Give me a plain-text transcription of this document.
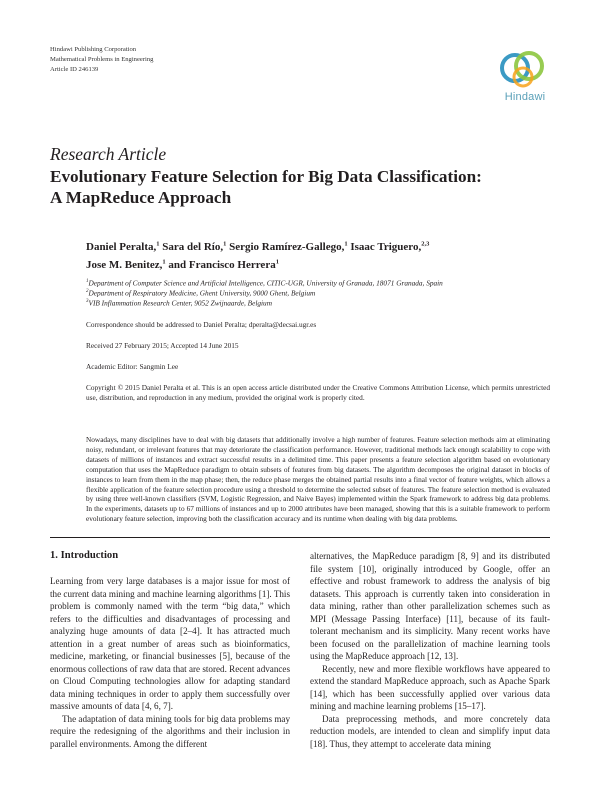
Hindawi Publishing Corporation
Mathematical Problems in Engineering
Article ID 246139
Hindawi
Research Article
Evolutionary Feature Selection for Big Data Classification:
A MapReduce Approach
Daniel Peralta,$^1$ Sara del Río,$^1$ Sergio Ramírez-Gallego,$^1$ Isaac Triguero,$^{2,3}$
Jose M. Benitez,$^1$ and Francisco Herrera$^1$
$^1$Department of Computer Science and Artificial Intelligence, CITIC-UGR, University of Granada, 18071 Granada, Spain
$^2$Department of Respiratory Medicine, Ghent University, 9000 Ghent, Belgium
$^3$VIB Inflammation Research Center, 9052 Zwijnaarde, Belgium
Correspondence should be addressed to Daniel Peralta; dperalta@decsai.ugr.es
Received 27 February 2015; Accepted 14 June 2015
Academic Editor: Sangmin Lee
Copyright © 2015 Daniel Peralta et al. This is an open access article distributed under the Creative Commons Attribution License, which permits unrestricted use, distribution, and reproduction in any medium, provided the original work is properly cited.
Nowadays, many disciplines have to deal with big datasets that additionally involve a high number of features. Feature selection methods aim at eliminating noisy, redundant, or irrelevant features that may deteriorate the classification performance. However, traditional methods lack enough scalability to cope with datasets of millions of instances and extract successful results in a delimited time. This paper presents a feature selection algorithm based on evolutionary computation that uses the MapReduce paradigm to obtain subsets of features from big datasets. The algorithm decomposes the original dataset in blocks of instances to learn from them in the map phase; then, the reduce phase merges the obtained partial results into a final vector of feature weights, which allows a flexible application of the feature selection procedure using a threshold to determine the selected subset of features. The feature selection method is evaluated by using three well-known classifiers (SVM, Logistic Regression, and Naive Bayes) implemented within the Spark framework to address big data problems. In the experiments, datasets up to 67 millions of instances and up to 2000 attributes have been managed, showing that this is a suitable framework to perform evolutionary feature selection, improving both the classification accuracy and its runtime when dealing with big data problems.
1. Introduction

Learning from very large databases is a major issue for most of the current data mining and machine learning algorithms [1]. This problem is commonly named with the term “big data,” which refers to the difficulties and disadvantages of processing and analyzing huge amounts of data [2–4]. It has attracted much attention in a great number of areas such as bioinformatics, medicine, marketing, or financial businesses [5], because of the enormous collections of raw data that are stored. Recent advances on Cloud Computing technologies allow for adapting standard data mining techniques in order to apply them successfully over massive amounts of data [4, 6, 7].

The adaptation of data mining tools for big data problems may require the redesigning of the algorithms and their inclusion in parallel environments. Among the different

alternatives, the MapReduce paradigm [8, 9] and its distributed file system [10], originally introduced by Google, offer an effective and robust framework to address the analysis of big datasets. This approach is currently taken into consideration in data mining, rather than other parallelization schemes such as MPI (Message Passing Interface) [11], because of its fault-tolerant mechanism and its simplicity. Many recent works have been focused on the parallelization of machine learning tools using the MapReduce approach [12, 13].

Recently, new and more flexible workflows have appeared to extend the standard MapReduce approach, such as Apache Spark [14], which has been successfully applied over various data mining and machine learning problems [15–17].

Data preprocessing methods, and more concretely data reduction models, are intended to clean and simplify input data [18]. Thus, they attempt to accelerate data mining
